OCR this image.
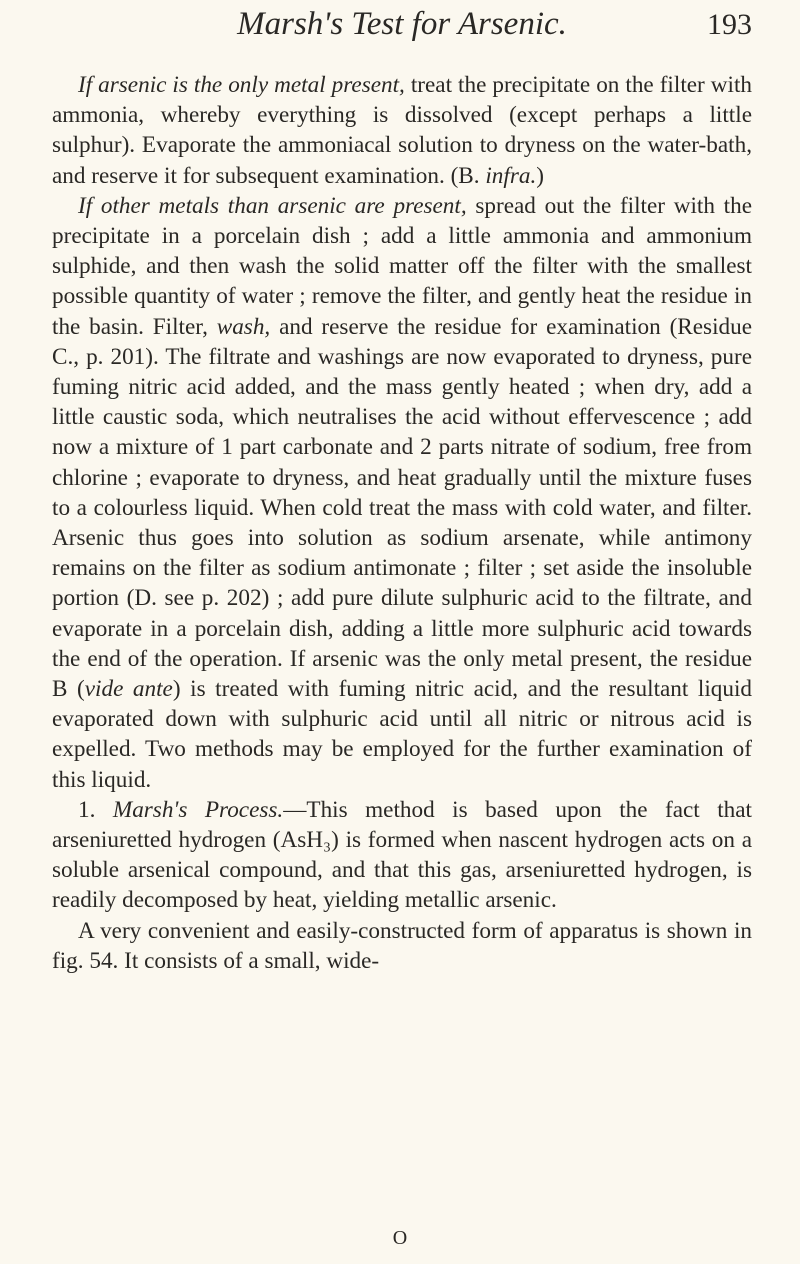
Marsh's Test for Arsenic.	193

If arsenic is the only metal present, treat the precipitate on the filter with ammonia, whereby everything is dissolved (except perhaps a little sulphur). Evaporate the ammoniacal solution to dryness on the water-bath, and reserve it for subsequent examination. (B. infra.)

If other metals than arsenic are present, spread out the filter with the precipitate in a porcelain dish ; add a little ammonia and ammonium sulphide, and then wash the solid matter off the filter with the smallest possible quantity of water ; remove the filter, and gently heat the residue in the basin. Filter, wash, and reserve the residue for examination (Residue C., p. 201). The filtrate and washings are now evaporated to dryness, pure fuming nitric acid added, and the mass gently heated ; when dry, add a little caustic soda, which neutralises the acid without effervescence ; add now a mixture of 1 part carbonate and 2 parts nitrate of sodium, free from chlorine ; evaporate to dryness, and heat gradually until the mixture fuses to a colourless liquid. When cold treat the mass with cold water, and filter. Arsenic thus goes into solution as sodium arsenate, while antimony remains on the filter as sodium antimonate ; filter ; set aside the insoluble portion (D. see p. 202) ; add pure dilute sulphuric acid to the filtrate, and evaporate in a porcelain dish, adding a little more sulphuric acid towards the end of the operation. If arsenic was the only metal present, the residue B (vide ante) is treated with fuming nitric acid, and the resultant liquid evaporated down with sulphuric acid until all nitric or nitrous acid is expelled. Two methods may be employed for the further examination of this liquid.

1. Marsh's Process.—This method is based upon the fact that arseniuretted hydrogen (AsH₃) is formed when nascent hydrogen acts on a soluble arsenical compound, and that this gas, arseniuretted hydrogen, is readily decomposed by heat, yielding metallic arsenic.

A very convenient and easily-constructed form of apparatus is shown in fig. 54. It consists of a small, wide-

O
